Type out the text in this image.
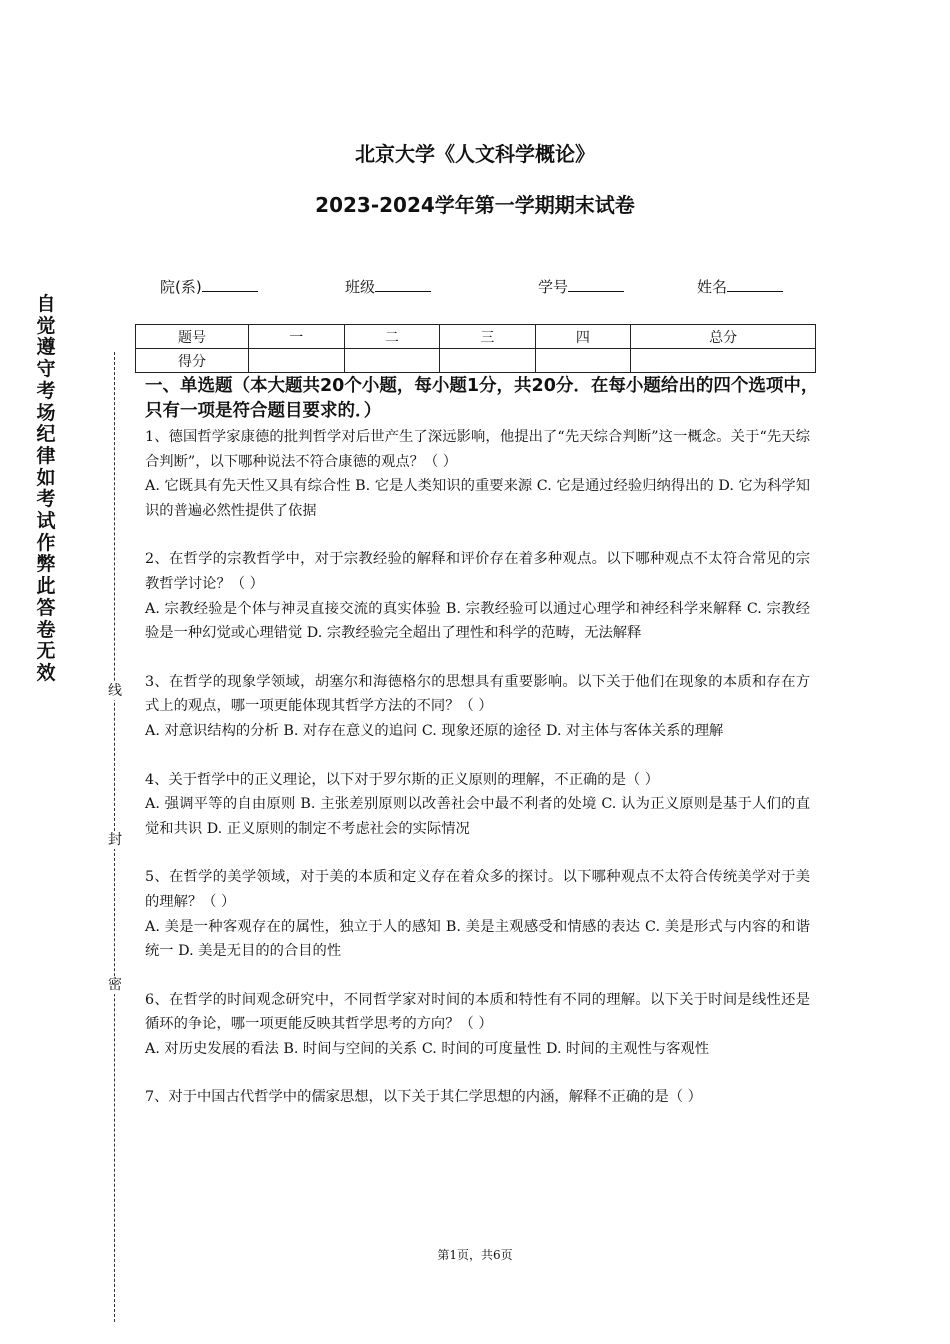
北京大学《人文科学概论》
2023-2024学年第一学期期末试卷
院(系)	班级	学号	姓名
题号	一	二	三	四	总分
得分					
自
觉
遵
守
考
场
纪
律
如
考
试
作
弊
此
答
卷
无
效
线
封
密
一、单选题（本大题共20个小题，每小题1分，共20分．在每小题给出的四个选项中，只有一项是符合题目要求的．）

1、德国哲学家康德的批判哲学对后世产生了深远影响，他提出了“先天综合判断”这一概念。关于“先天综合判断”，以下哪种说法不符合康德的观点？（ ）

A. 它既具有先天性又具有综合性 B. 它是人类知识的重要来源 C. 它是通过经验归纳得出的 D. 它为科学知识的普遍必然性提供了依据

2、在哲学的宗教哲学中，对于宗教经验的解释和评价存在着多种观点。以下哪种观点不太符合常见的宗教哲学讨论？（ ）

A. 宗教经验是个体与神灵直接交流的真实体验 B. 宗教经验可以通过心理学和神经科学来解释 C. 宗教经验是一种幻觉或心理错觉 D. 宗教经验完全超出了理性和科学的范畴，无法解释

3、在哲学的现象学领域，胡塞尔和海德格尔的思想具有重要影响。以下关于他们在现象的本质和存在方式上的观点，哪一项更能体现其哲学方法的不同？（ ）

A. 对意识结构的分析 B. 对存在意义的追问 C. 现象还原的途径 D. 对主体与客体关系的理解

4、关于哲学中的正义理论，以下对于罗尔斯的正义原则的理解，不正确的是（ ）

A. 强调平等的自由原则 B. 主张差别原则以改善社会中最不利者的处境 C. 认为正义原则是基于人们的直觉和共识 D. 正义原则的制定不考虑社会的实际情况

5、在哲学的美学领域，对于美的本质和定义存在着众多的探讨。以下哪种观点不太符合传统美学对于美的理解？（ ）

A. 美是一种客观存在的属性，独立于人的感知 B. 美是主观感受和情感的表达 C. 美是形式与内容的和谐统一 D. 美是无目的的合目的性

6、在哲学的时间观念研究中，不同哲学家对时间的本质和特性有不同的理解。以下关于时间是线性还是循环的争论，哪一项更能反映其哲学思考的方向？（ ）

A. 对历史发展的看法 B. 时间与空间的关系 C. 时间的可度量性 D. 时间的主观性与客观性

7、对于中国古代哲学中的儒家思想，以下关于其仁学思想的内涵，解释不正确的是（ ）

第1页，共6页
